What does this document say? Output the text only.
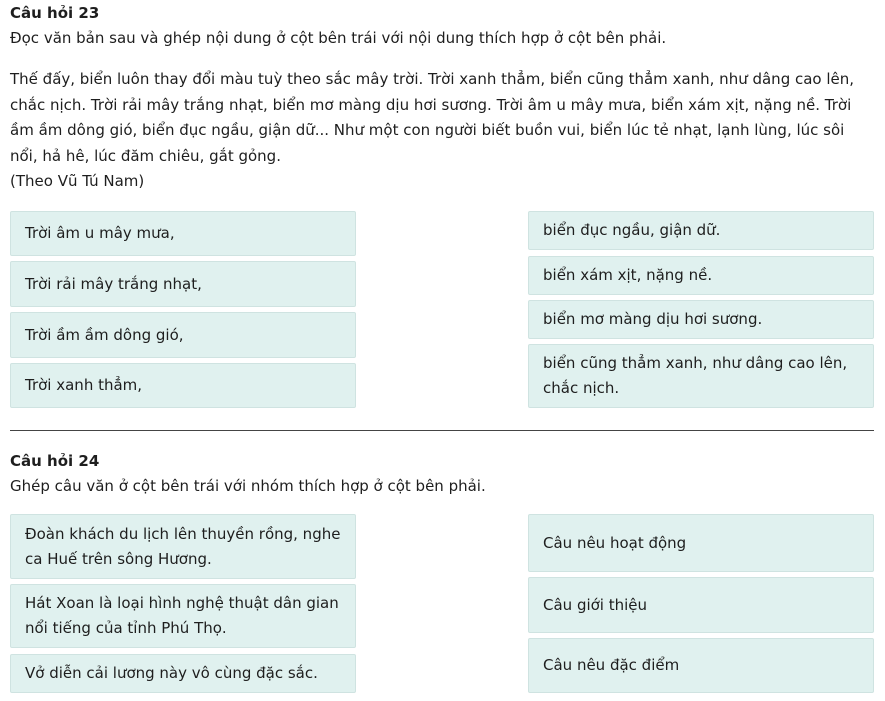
Câu hỏi 23
Đọc văn bản sau và ghép nội dung ở cột bên trái với nội dung thích hợp ở cột bên phải.
Thế đấy, biển luôn thay đổi màu tuỳ theo sắc mây trời. Trời xanh thẳm, biển cũng thẳm xanh, như dâng cao lên, chắc nịch. Trời rải mây trắng nhạt, biển mơ màng dịu hơi sương. Trời âm u mây mưa, biển xám xịt, nặng nề. Trời ầm ầm dông gió, biển đục ngầu, giận dữ... Như một con người biết buồn vui, biển lúc tẻ nhạt, lạnh lùng, lúc sôi nổi, hả hê, lúc đăm chiêu, gắt gỏng.
(Theo Vũ Tú Nam)
Trời âm u mây mưa,
Trời rải mây trắng nhạt,
Trời ầm ầm dông gió,
Trời xanh thẳm,
biển đục ngầu, giận dữ.
biển xám xịt, nặng nề.
biển mơ màng dịu hơi sương.
biển cũng thẳm xanh, như dâng cao lên, chắc nịch.
Câu hỏi 24
Ghép câu văn ở cột bên trái với nhóm thích hợp ở cột bên phải.
Đoàn khách du lịch lên thuyền rồng, nghe ca Huế trên sông Hương.
Hát Xoan là loại hình nghệ thuật dân gian nổi tiếng của tỉnh Phú Thọ.
Vở diễn cải lương này vô cùng đặc sắc.
Câu nêu hoạt động
Câu giới thiệu
Câu nêu đặc điểm
